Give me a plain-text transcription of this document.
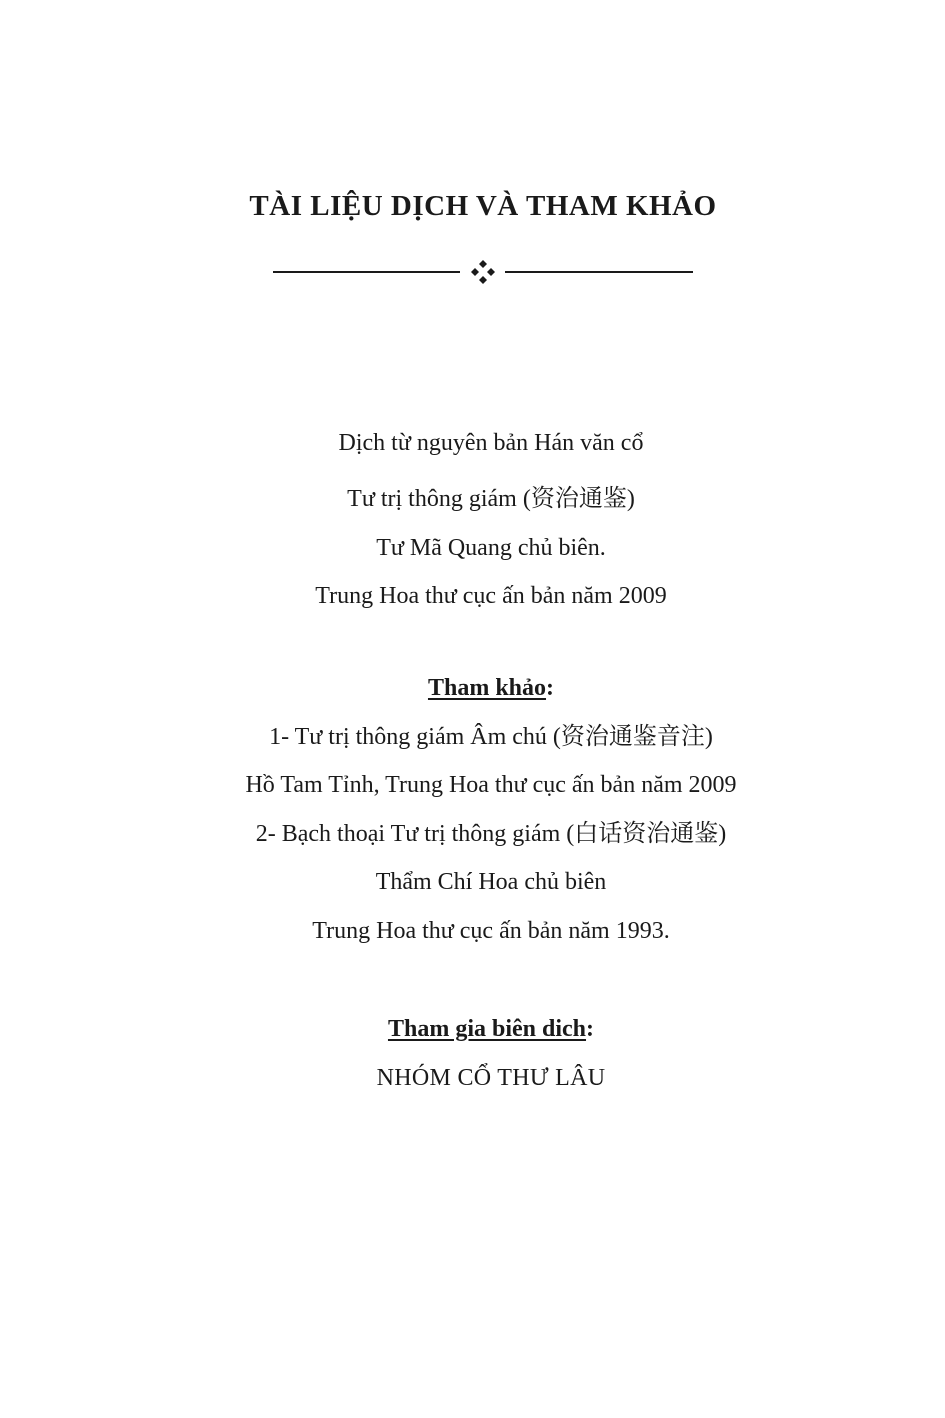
TÀI LIỆU DỊCH VÀ THAM KHẢO
Dịch từ nguyên bản Hán văn cổ
Tư trị thông giám (资治通鉴)
Tư Mã Quang chủ biên.
Trung Hoa thư cục ấn bản năm 2009
Tham khảo:
1- Tư trị thông giám Âm chú (资治通鉴音注)
Hồ Tam Tỉnh, Trung Hoa thư cục ấn bản năm 2009
2- Bạch thoại Tư trị thông giám (白话资治通鉴)
Thẩm Chí Hoa chủ biên
Trung Hoa thư cục ấn bản năm 1993.
Tham gia biên dich:
NHÓM CỔ THƯ LÂU
